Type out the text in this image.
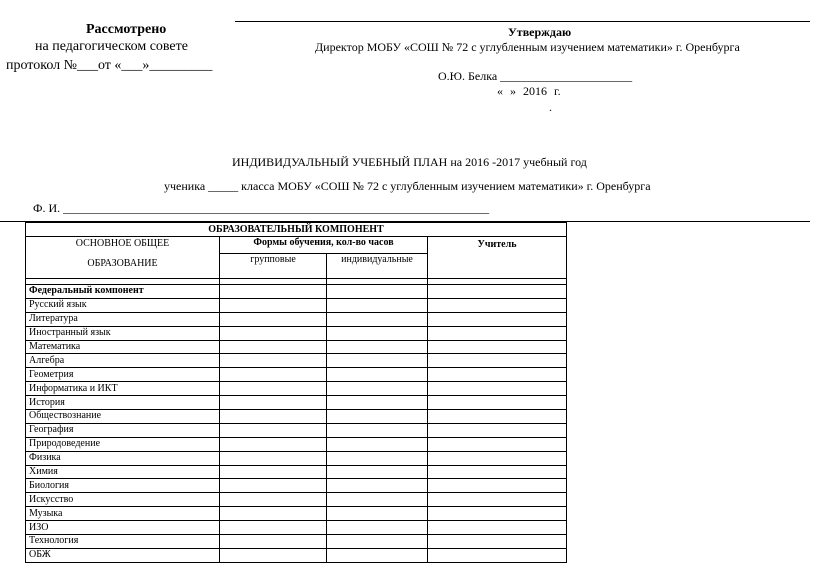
Рассмотрено
на педагогическом совете
протокол №___от «___»_________
Утверждаю
Директор МОБУ «СОШ № 72 с углубленным изучением математики» г. Оренбурга
О.Ю. Белка ______________________
« » 2016 г.
.
ИНДИВИДУАЛЬНЫЙ УЧЕБНЫЙ ПЛАН на 2016 -2017 учебный год
ученика _____ класса МОБУ «СОШ № 72 с углубленным изучением математики» г. Оренбурга
Ф. И. _______________________________________________________________________
ОБРАЗОВАТЕЛЬНЫЙ КОМПОНЕНТ			

ОСНОВНОЕ ОБЩЕЕ
ОБРАЗОВАНИЕ	Формы обучения, кол-во часов		Учитель
	групповые	индивидуальные	

Федеральный компонент			
Русский язык			
Литература			
Иностранный язык			
Математика			
Алгебра			
Геометрия			
Информатика и ИКТ			
История			
Обществознание			
География			
Природоведение			
Физика			
Химия			
Биология			
Искусство			
Музыка			
ИЗО			
Технология			
ОБЖ			
